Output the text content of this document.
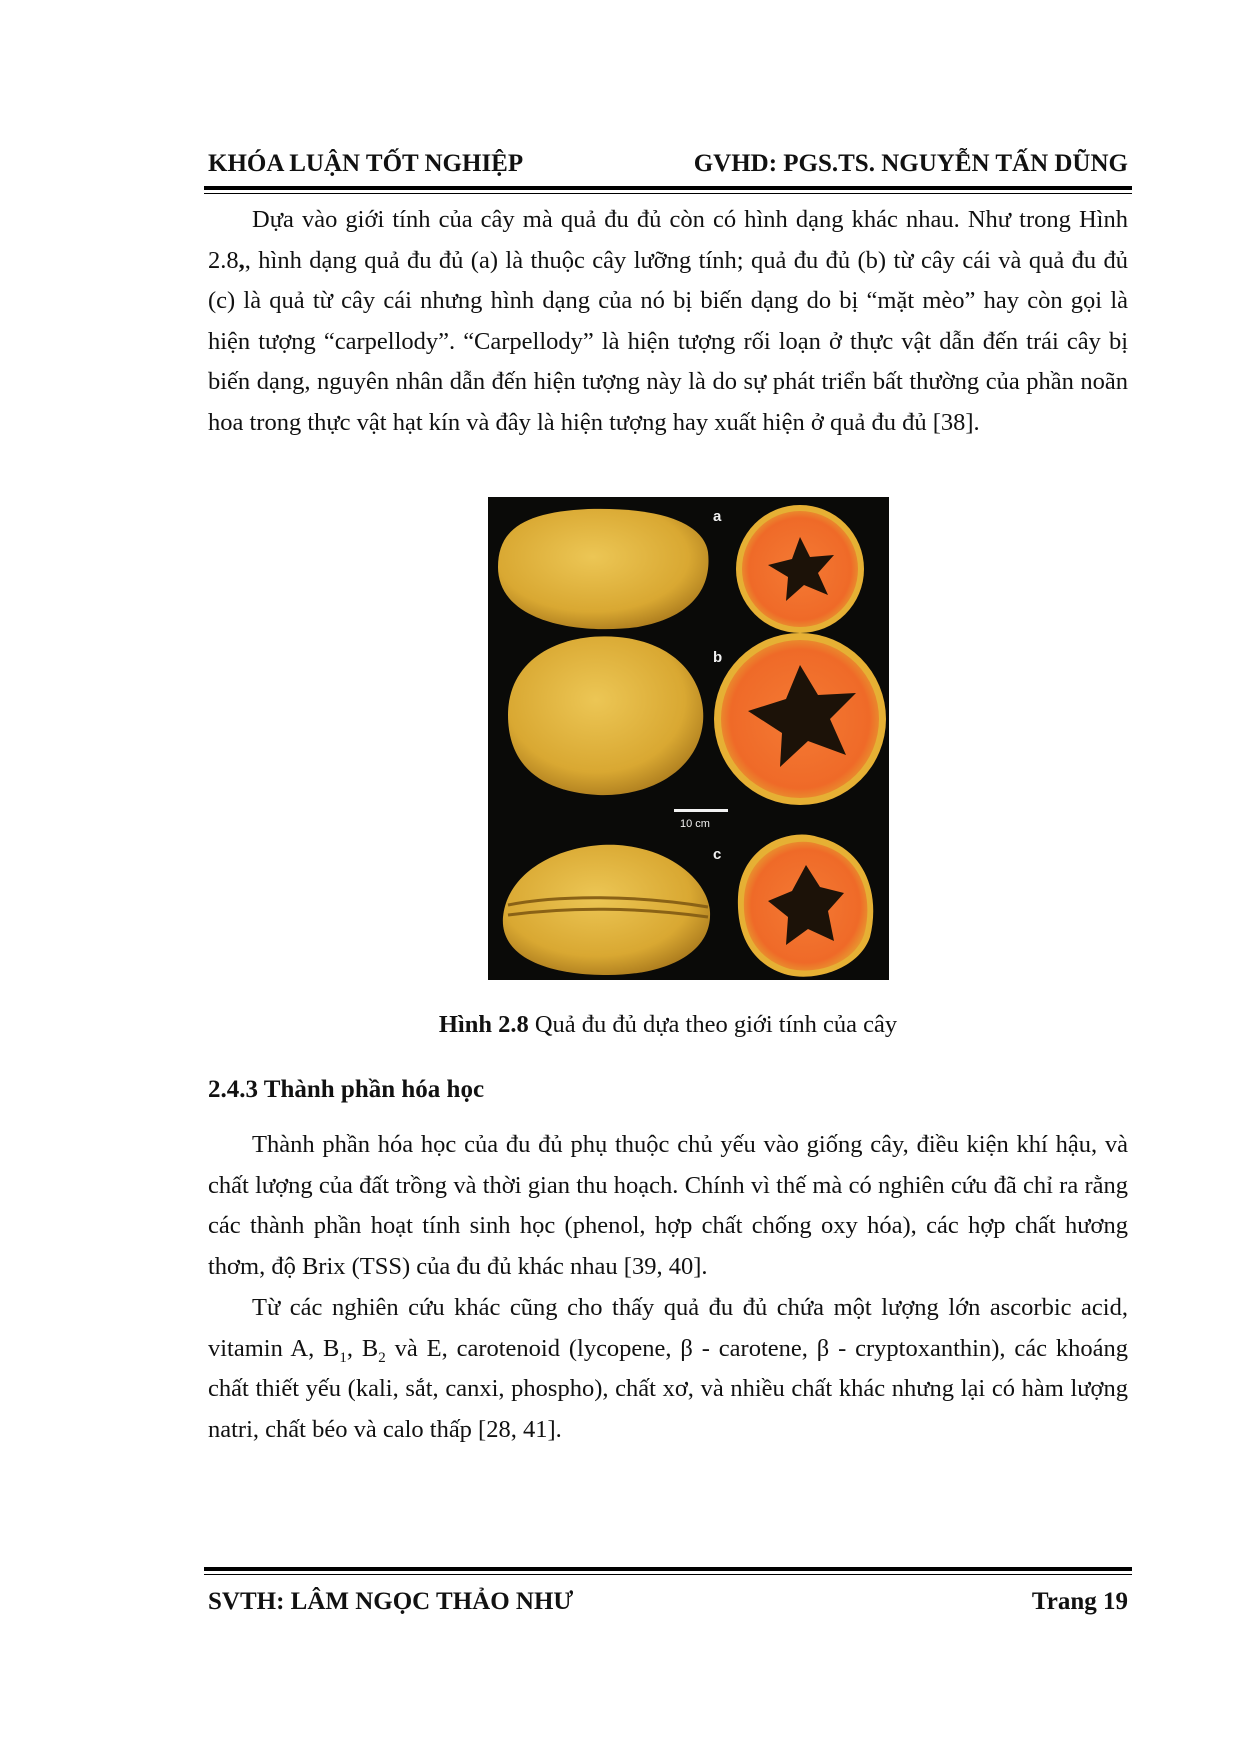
KHÓA LUẬN TỐT NGHIỆP	GVHD: PGS.TS. NGUYỄN TẤN DŨNG

Dựa vào giới tính của cây mà quả đu đủ còn có hình dạng khác nhau. Như trong Hình 2.8,, hình dạng quả đu đủ (a) là thuộc cây lưỡng tính; quả đu đủ (b) từ cây cái và quả đu đủ (c) là quả từ cây cái nhưng hình dạng của nó bị biến dạng do bị “mặt mèo” hay còn gọi là hiện tượng “carpellody”. “Carpellody” là hiện tượng rối loạn ở thực vật dẫn đến trái cây bị biến dạng, nguyên nhân dẫn đến hiện tượng này là do sự phát triển bất thường của phần noãn hoa trong thực vật hạt kín và đây là hiện tượng hay xuất hiện ở quả đu đủ [38].

a
b
10 cm
c
Hình 2.8 Quả đu đủ dựa theo giới tính của cây
2.4.3 Thành phần hóa học

Thành phần hóa học của đu đủ phụ thuộc chủ yếu vào giống cây, điều kiện khí hậu, và chất lượng của đất trồng và thời gian thu hoạch. Chính vì thế mà có nghiên cứu đã chỉ ra rằng các thành phần hoạt tính sinh học (phenol, hợp chất chống oxy hóa), các hợp chất hương thơm, độ Brix (TSS) của đu đủ khác nhau [39, 40].

Từ các nghiên cứu khác cũng cho thấy quả đu đủ chứa một lượng lớn ascorbic acid, vitamin A, $B_1$, $B_2$ và E, carotenoid (lycopene, β - carotene, β - cryptoxanthin), các khoáng chất thiết yếu (kali, sắt, canxi, phospho), chất xơ, và nhiều chất khác nhưng lại có hàm lượng natri, chất béo và calo thấp [28, 41].

SVTH: LÂM NGỌC THẢO NHƯ	Trang 19
